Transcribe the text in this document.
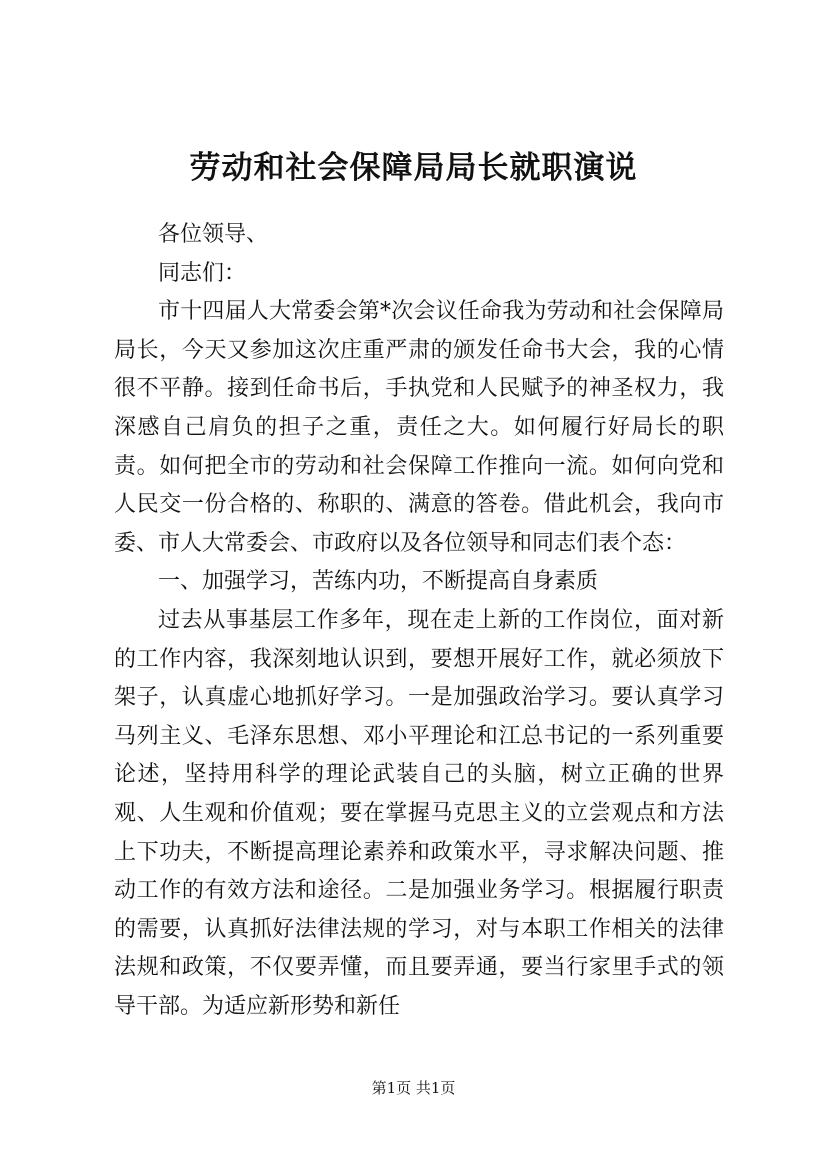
劳动和社会保障局局长就职演说

各位领导、

同志们：

市十四届人大常委会第*次会议任命我为劳动和社会保障局局长，今天又参加这次庄重严肃的颁发任命书大会，我的心情很不平静。接到任命书后，手执党和人民赋予的神圣权力，我深感自己肩负的担子之重，责任之大。如何履行好局长的职责。如何把全市的劳动和社会保障工作推向一流。如何向党和人民交一份合格的、称职的、满意的答卷。借此机会，我向市委、市人大常委会、市政府以及各位领导和同志们表个态：

一、加强学习，苦练内功，不断提高自身素质

过去从事基层工作多年，现在走上新的工作岗位，面对新的工作内容，我深刻地认识到，要想开展好工作，就必须放下架子，认真虚心地抓好学习。一是加强政治学习。要认真学习马列主义、毛泽东思想、邓小平理论和江总书记的一系列重要论述，坚持用科学的理论武装自己的头脑，树立正确的世界观、人生观和价值观；要在掌握马克思主义的立尝观点和方法上下功夫，不断提高理论素养和政策水平，寻求解决问题、推动工作的有效方法和途径。二是加强业务学习。根据履行职责的需要，认真抓好法律法规的学习，对与本职工作相关的法律法规和政策，不仅要弄懂，而且要弄通，要当行家里手式的领导干部。为适应新形势和新任

第1页 共1页
